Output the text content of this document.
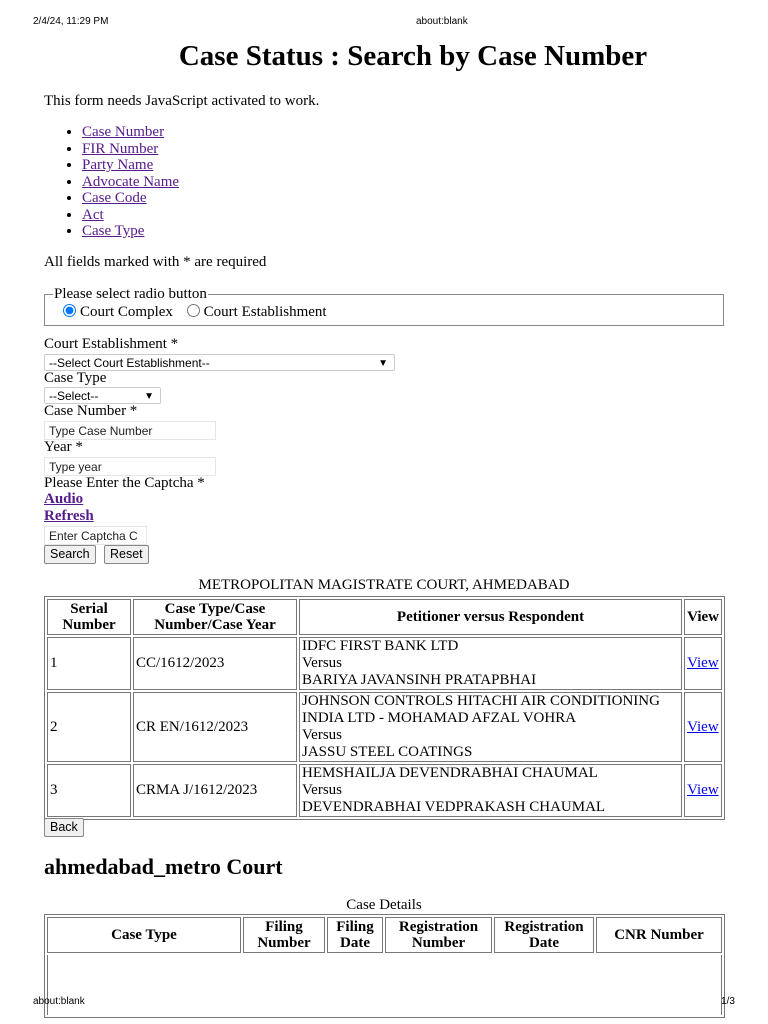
2/4/24, 11:29 PM	about:blank
Case Status : Search by Case Number
This form needs JavaScript activated to work.
• Case Number
• FIR Number
• Party Name
• Advocate Name
• Case Code
• Act
• Case Type
All fields marked with * are required
Please select radio button
Court Complex Court Establishment
Court Establishment *
--Select Court Establishment--	▼
Case Type
--Select--	▼
Case Number *
Type Case Number
Year *
Type year
Please Enter the Captcha *
Audio
Refresh
Enter Captcha C
Search	Reset
METROPOLITAN MAGISTRATE COURT, AHMEDABAD
Serial Number	Case Type/Case Number/Case Year	Petitioner versus Respondent	View
1	CC/1612/2023	IDFC FIRST BANK LTD
Versus
BARIYA JAVANSINH PRATAPBHAI	View
2	CR EN/1612/2023	JOHNSON CONTROLS HITACHI AIR CONDITIONING INDIA LTD - MOHAMAD AFZAL VOHRA
Versus
JASSU STEEL COATINGS	View
3	CRMA J/1612/2023	HEMSHAILJA DEVENDRABHAI CHAUMAL
Versus
DEVENDRABHAI VEDPRAKASH CHAUMAL	View
Back
ahmedabad_metro Court
Case Details
Case Type	Filing Number	Filing Date	Registration Number	Registration Date	CNR Number

about:blank	1/3
